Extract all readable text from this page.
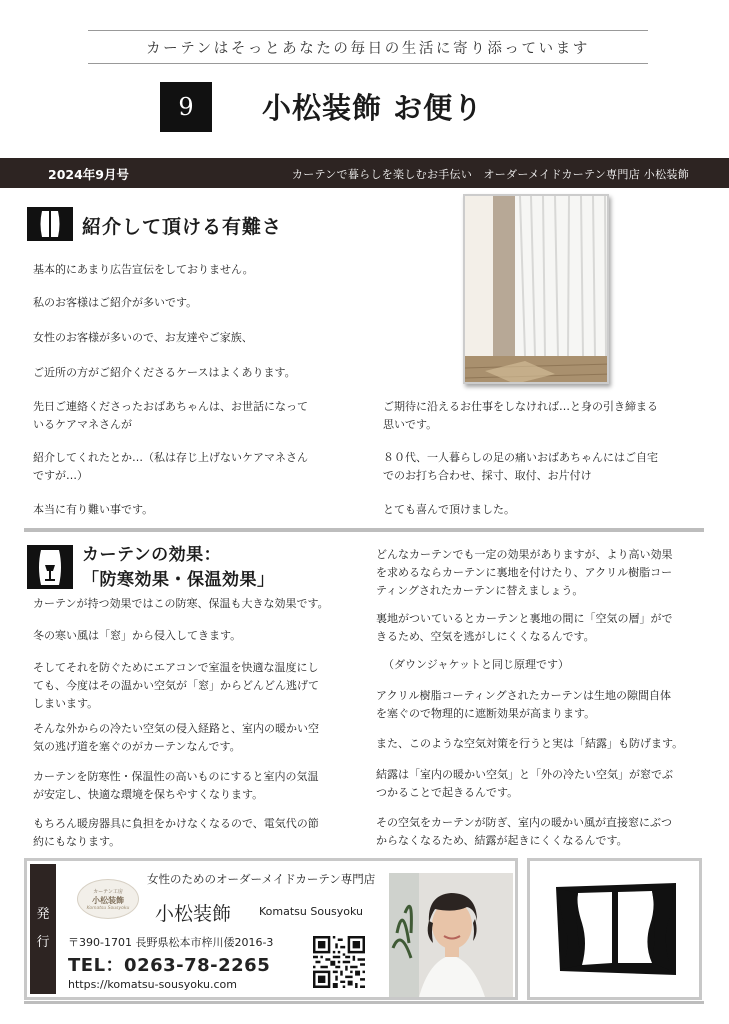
カーテンはそっとあなたの毎日の生活に寄り添っています
9	小松装飾 お便り
2024年9月号	カーテンで暮らしを楽しむお手伝い　オーダーメイドカーテン専門店 小松装飾
紹介して頂ける有難さ
基本的にあまり広告宣伝をしておりません。
私のお客様はご紹介が多いです。
女性のお客様が多いので、お友達やご家族、
ご近所の方がご紹介くださるケースはよくあります。
先日ご連絡くださったおばあちゃんは、お世話になって
いるケアマネさんが
紹介してくれたとか…（私は存じ上げないケアマネさん
ですが…）
本当に有り難い事です。
ご期待に沿えるお仕事をしなければ…と身の引き締まる
思いです。
８０代、一人暮らしの足の痛いおばあちゃんにはご自宅
でのお打ち合わせ、採寸、取付、お片付け
とても喜んで頂けました。
カーテンの効果：
「防寒効果・保温効果」
カーテンが持つ効果ではこの防寒、保温も大きな効果です。
冬の寒い風は「窓」から侵入してきます。
そしてそれを防ぐためにエアコンで室温を快適な温度にし
ても、今度はその温かい空気が「窓」からどんどん逃げて
しまいます。
そんな外からの冷たい空気の侵入経路と、室内の暖かい空
気の逃げ道を塞ぐのがカーテンなんです。
カーテンを防寒性・保温性の高いものにすると室内の気温
が安定し、快適な環境を保ちやすくなります。
もちろん暖房器具に負担をかけなくなるので、電気代の節
約にもなります。
どんなカーテンでも一定の効果がありますが、より高い効果
を求めるならカーテンに裏地を付けたり、アクリル樹脂コー
ティングされたカーテンに替えましょう。
裏地がついているとカーテンと裏地の間に「空気の層」がで
きるため、空気を逃がしにくくなるんです。
（ダウンジャケットと同じ原理です）
アクリル樹脂コーティングされたカーテンは生地の隙間自体
を塞ぐので物理的に遮断効果が高まります。
また、このような空気対策を行うと実は「結露」も防げます。
結露は「室内の暖かい空気」と「外の冷たい空気」が窓でぶ
つかることで起きるんです。
その空気をカーテンが防ぎ、室内の暖かい風が直接窓にぶつ
からなくなるため、結露が起きにくくなるんです。
発
行
カーテン工房
小松装飾
Komatsu Sousyoku
女性のためのオーダーメイドカーテン専門店
小松装飾	Komatsu Sousyoku
〒390-1701 長野県松本市梓川倭2016-3
TEL：0263-78-2265
https://komatsu-sousyoku.com
